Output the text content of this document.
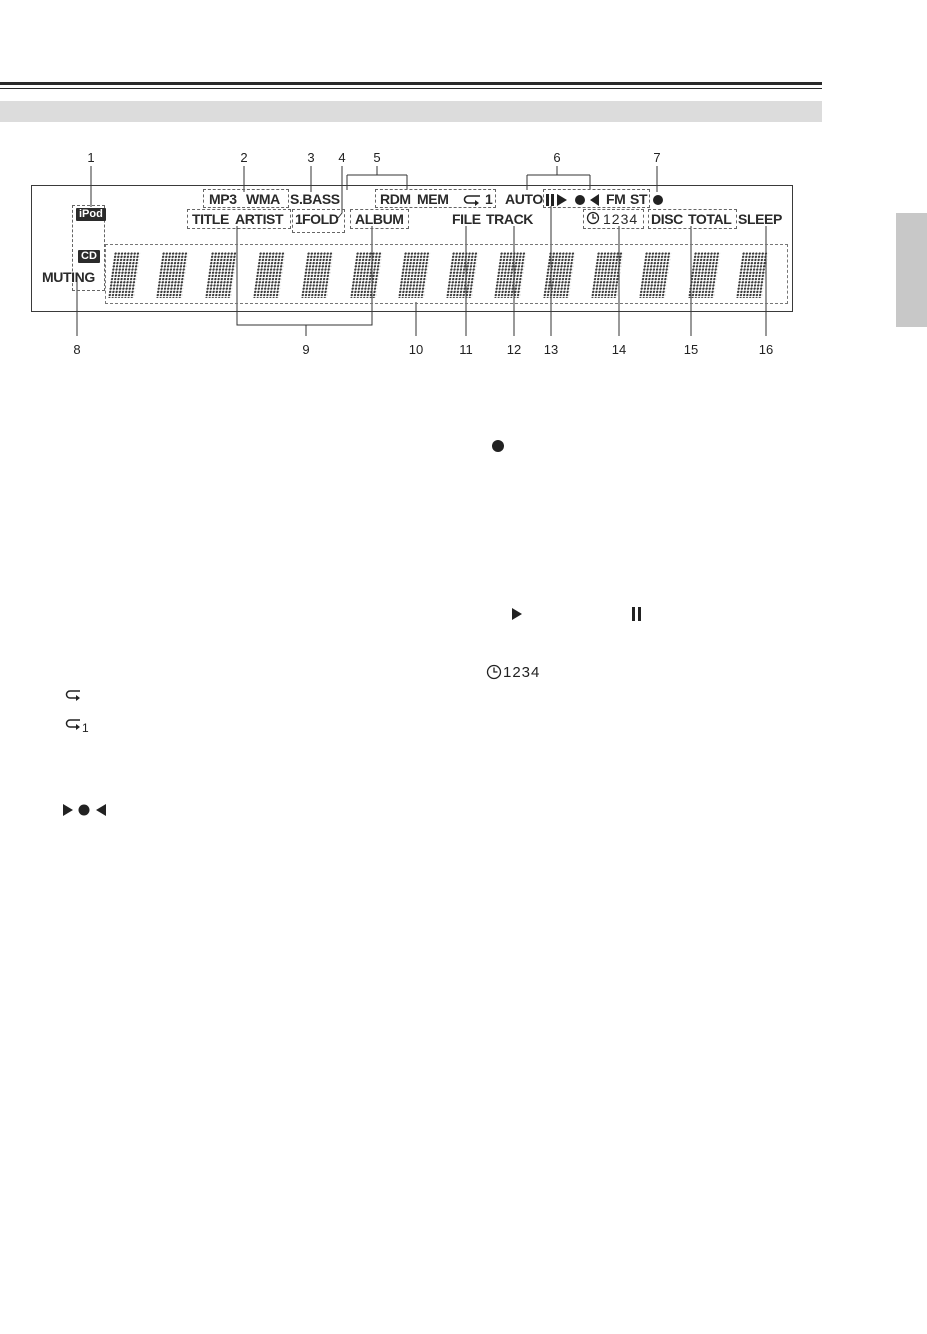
1	2	3 4 5	6	7
8	9	10	11	12 13	14	15	16
iPod
CD
MUTING
MP3 WMA S.BASS	RDM MEM	1 AUTO	FM ST
TITLE ARTIST 1 FOLD ALBUM	FILE TRACK	1234 DISC TOTAL SLEEP
1234
1
